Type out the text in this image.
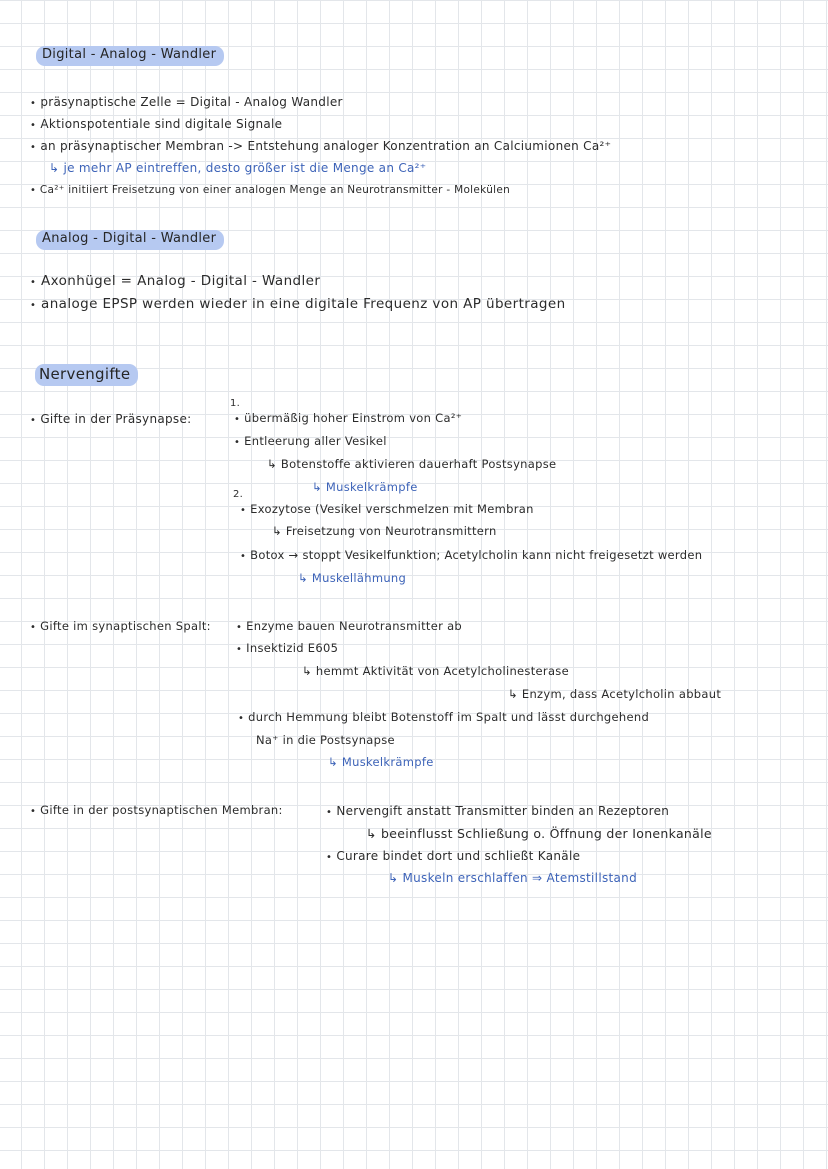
Digital - Analog - Wandler
• präsynaptische Zelle = Digital - Analog Wandler
• Aktionspotentiale sind digitale Signale
• an präsynaptischer Membran -> Entstehung analoger Konzentration an Calciumionen Ca²⁺
↳ je mehr AP eintreffen, desto größer ist die Menge an Ca²⁺
• Ca²⁺ initiiert Freisetzung von einer analogen Menge an Neurotransmitter - Molekülen
Analog - Digital - Wandler
• Axonhügel = Analog - Digital - Wandler
• analoge EPSP werden wieder in eine digitale Frequenz von AP übertragen
Nervengifte
• Gifte in der Präsynapse:
1.
• übermäßig hoher Einstrom von Ca²⁺
• Entleerung aller Vesikel
↳ Botenstoffe aktivieren dauerhaft Postsynapse
↳ Muskelkrämpfe
2.
• Exozytose (Vesikel verschmelzen mit Membran
↳ Freisetzung von Neurotransmittern
• Botox → stoppt Vesikelfunktion; Acetylcholin kann nicht freigesetzt werden
↳ Muskellähmung
• Gifte im synaptischen Spalt:	• Enzyme bauen Neurotransmitter ab
• Insektizid E605
↳ hemmt Aktivität von Acetylcholinesterase
↳ Enzym, dass Acetylcholin abbaut
• durch Hemmung bleibt Botenstoff im Spalt und lässt durchgehend
Na⁺ in die Postsynapse
↳ Muskelkrämpfe
• Gifte in der postsynaptischen Membran:	• Nervengift anstatt Transmitter binden an Rezeptoren
↳ beeinflusst Schließung o. Öffnung der Ionenkanäle
• Curare bindet dort und schließt Kanäle
↳ Muskeln erschlaffen ⇒ Atemstillstand
